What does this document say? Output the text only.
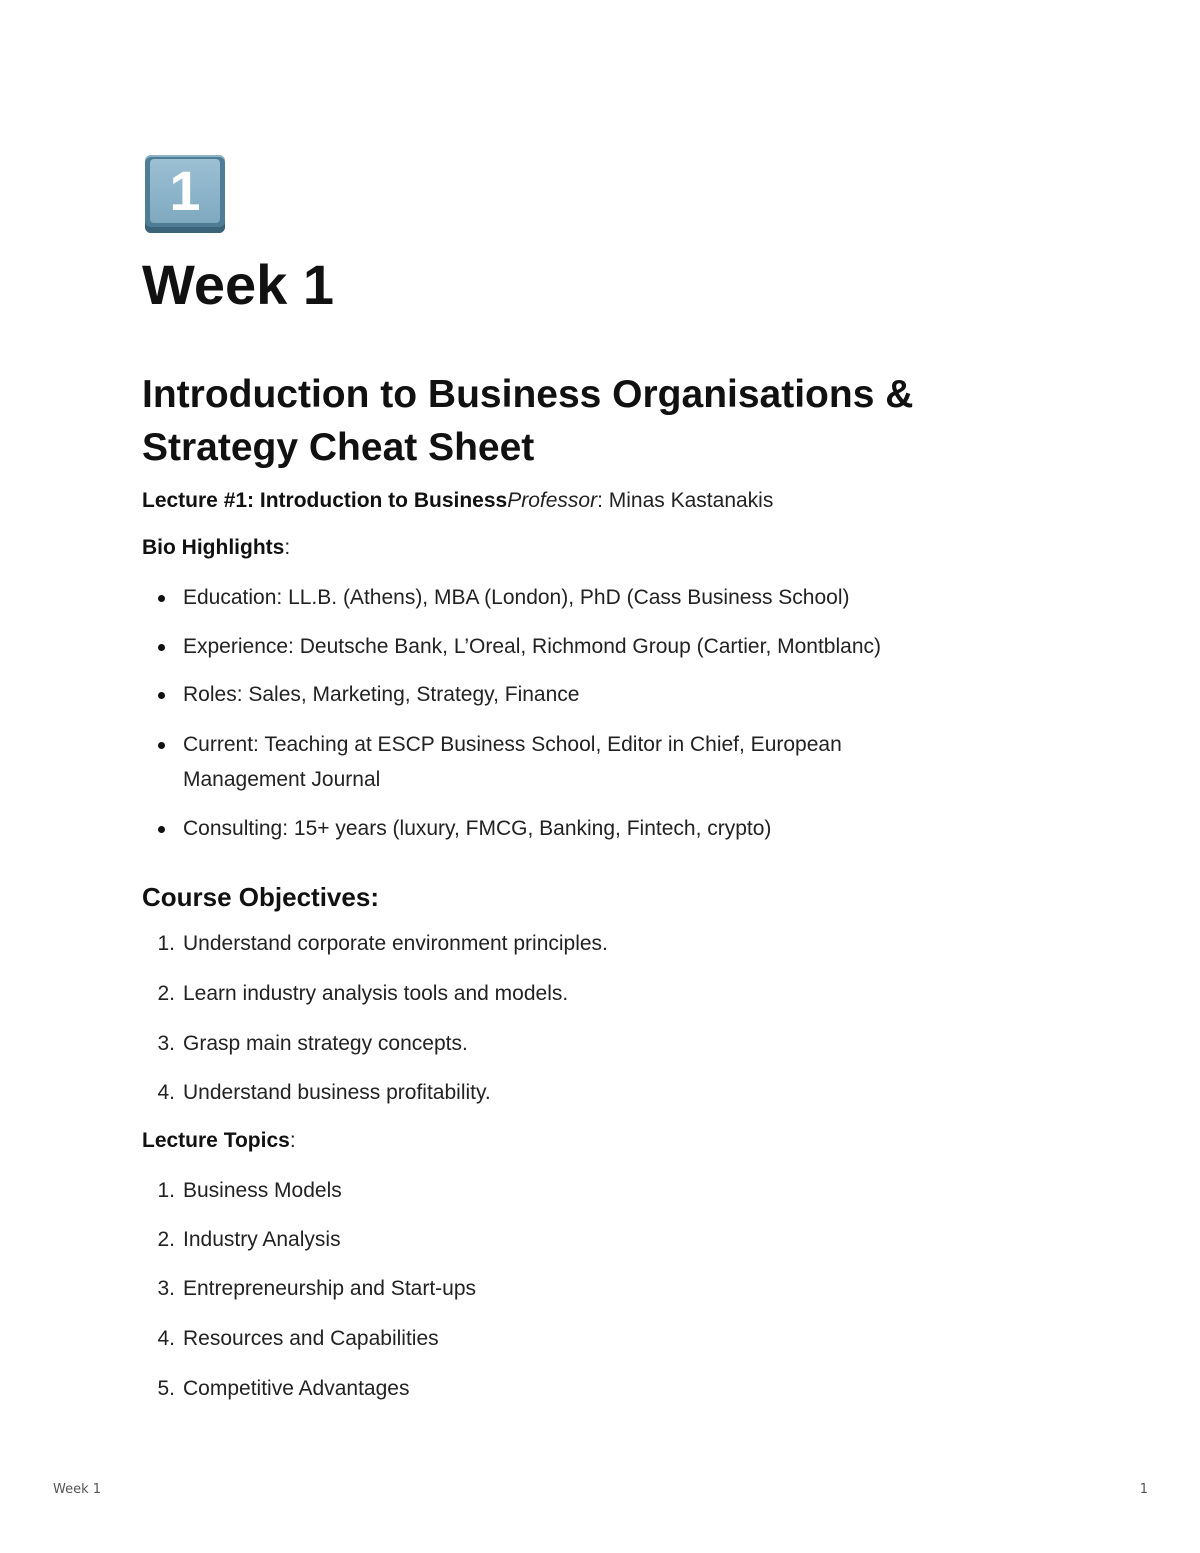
1
Week 1
Introduction to Business Organisations & Strategy Cheat Sheet

Lecture #1: Introduction to BusinessProfessor: Minas Kastanakis

Bio Highlights:

Education: LL.B. (Athens), MBA (London), PhD (Cass Business School)
Experience: Deutsche Bank, L’Oreal, Richmond Group (Cartier, Montblanc)
Roles: Sales, Marketing, Strategy, Finance
Current: Teaching at ESCP Business School, Editor in Chief, European Management Journal
Consulting: 15+ years (luxury, FMCG, Banking, Fintech, crypto)
Course Objectives:
1. Understand corporate environment principles.
2. Learn industry analysis tools and models.
3. Grasp main strategy concepts.
4. Understand business profitability.

Lecture Topics:

1. Business Models
2. Industry Analysis
3. Entrepreneurship and Start-ups
4. Resources and Capabilities
5. Competitive Advantages
Week 1	1
